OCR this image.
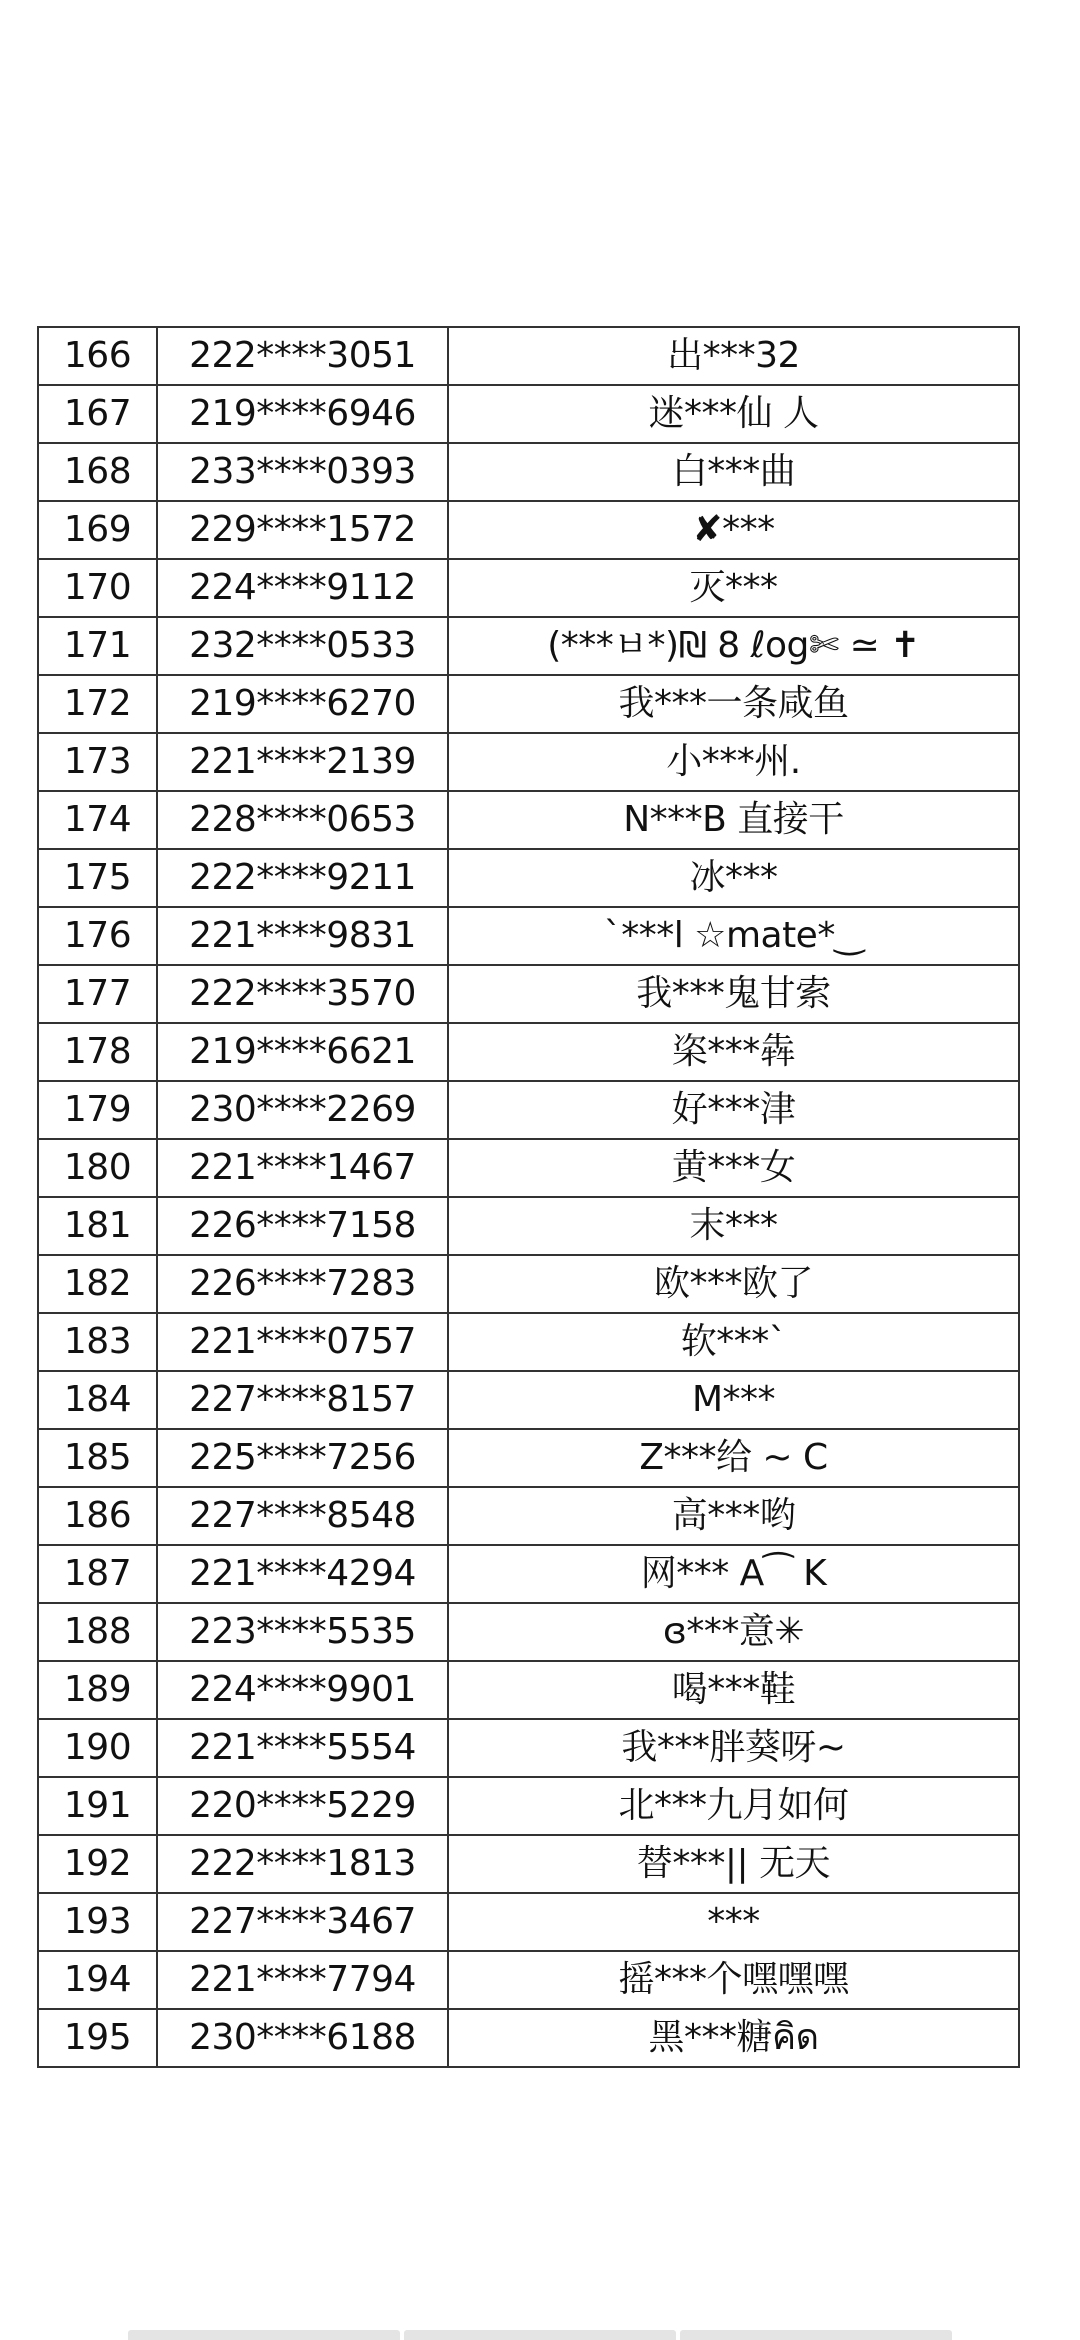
166	222****3051	出***32
167	219****6946	迷***仙 人
168	233****0393	白***曲
169	229****1572	✘***
170	224****9112	灭***
171	232****0533	(***ㅂ*)₪ 8 ℓog✄ ≃ ✝
172	219****6270	我***一条咸鱼
173	221****2139	小***州.
174	228****0653	N***B 直接干
175	222****9211	冰***
176	221****9831	ˋ***l ☆mate*‿
177	222****3570	我***鬼甘索
178	219****6621	栥***犇
179	230****2269	好***津
180	221****1467	黄***女
181	226****7158	末***
182	226****7283	欧***欧了
183	221****0757	软***ˋ
184	227****8157	M***
185	225****7256	Z***给 ~ C
186	227****8548	高***哟
187	221****4294	网*** A⁀ K
188	223****5535	ɞ***意✳
189	224****9901	喝***鞋
190	221****5554	我***胖葵呀~
191	220****5229	北***九月如何
192	222****1813	替***|| 无天
193	227****3467	***
194	221****7794	摇***个嘿嘿嘿
195	230****6188	黑***糖คิด
